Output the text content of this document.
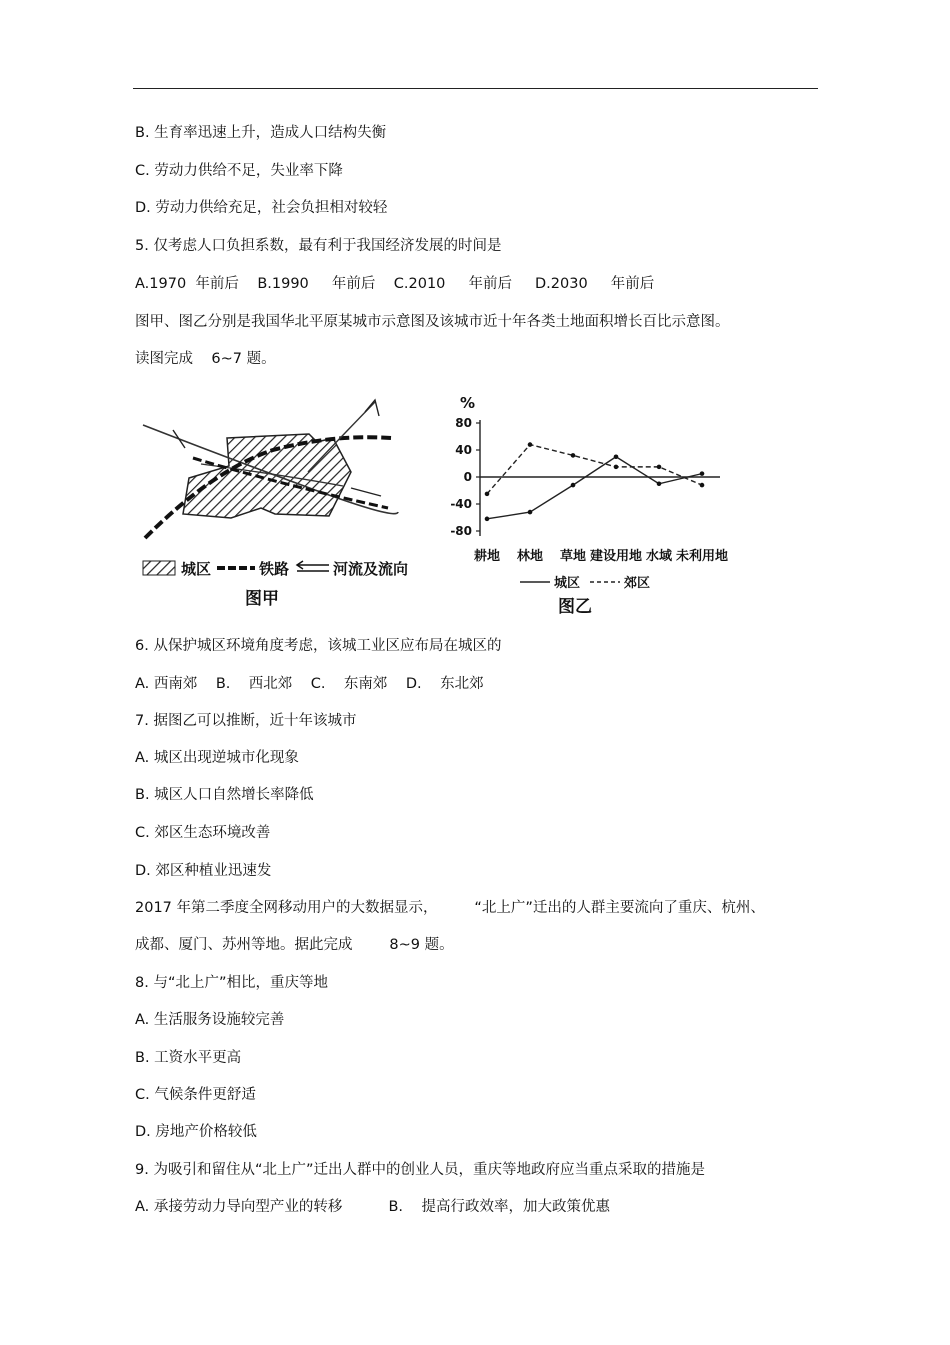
B. 生育率迅速上升，造成人口结构失衡
C. 劳动力供给不足，失业率下降
D. 劳动力供给充足，社会负担相对较轻
5. 仅考虑人口负担系数，最有利于我国经济发展的时间是
A.1970  年前后    B.1990     年前后    C.2010     年前后     D.2030     年前后
图甲、图乙分别是我国华北平原某城市示意图及该城市近十年各类土地面积增长百比示意图。
读图完成    6~7 题。
城区	铁路	河流及流向
图甲
%
80
40
0
-40
-80
耕地 林地 草地 建设用地 水域 未利用地
城区	郊区
图乙
6. 从保护城区环境角度考虑，该城工业区应布局在城区的
A. 西南郊    B.    西北郊    C.    东南郊    D.    东北郊
7. 据图乙可以推断，近十年该城市
A. 城区出现逆城市化现象
B. 城区人口自然增长率降低
C. 郊区生态环境改善
D. 郊区种植业迅速发
2017 年第二季度全网移动用户的大数据显示，        “北上广”迁出的人群主要流向了重庆、杭州、
成都、厦门、苏州等地。据此完成        8~9 题。
8. 与“北上广”相比，重庆等地
A. 生活服务设施较完善
B. 工资水平更高
C. 气候条件更舒适
D. 房地产价格较低
9. 为吸引和留住从“北上广”迁出人群中的创业人员，重庆等地政府应当重点采取的措施是
A. 承接劳动力导向型产业的转移          B.    提高行政效率，加大政策优惠
